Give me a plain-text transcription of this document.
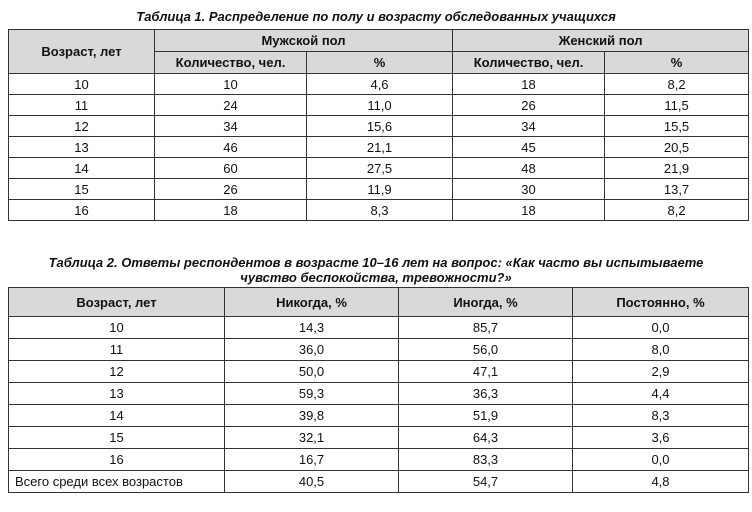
Таблица 1. Распределение по полу и возрасту обследованных учащихся
Возраст, лет	Мужской пол		Женский пол	
	Количество, чел.	%	Количество, чел.	%
10	10	4,6	18	8,2
11	24	11,0	26	11,5
12	34	15,6	34	15,5
13	46	21,1	45	20,5
14	60	27,5	48	21,9
15	26	11,9	30	13,7
16	18	8,3	18	8,2
Таблица 2. Ответы респондентов в возрасте 10–16 лет на вопрос: «Как часто вы испытываете
чувство беспокойства, тревожности?»
Возраст, лет	Никогда, %	Иногда, %	Постоянно, %
10	14,3	85,7	0,0
11	36,0	56,0	8,0
12	50,0	47,1	2,9
13	59,3	36,3	4,4
14	39,8	51,9	8,3
15	32,1	64,3	3,6
16	16,7	83,3	0,0
Всего среди всех возрастов	40,5	54,7	4,8
